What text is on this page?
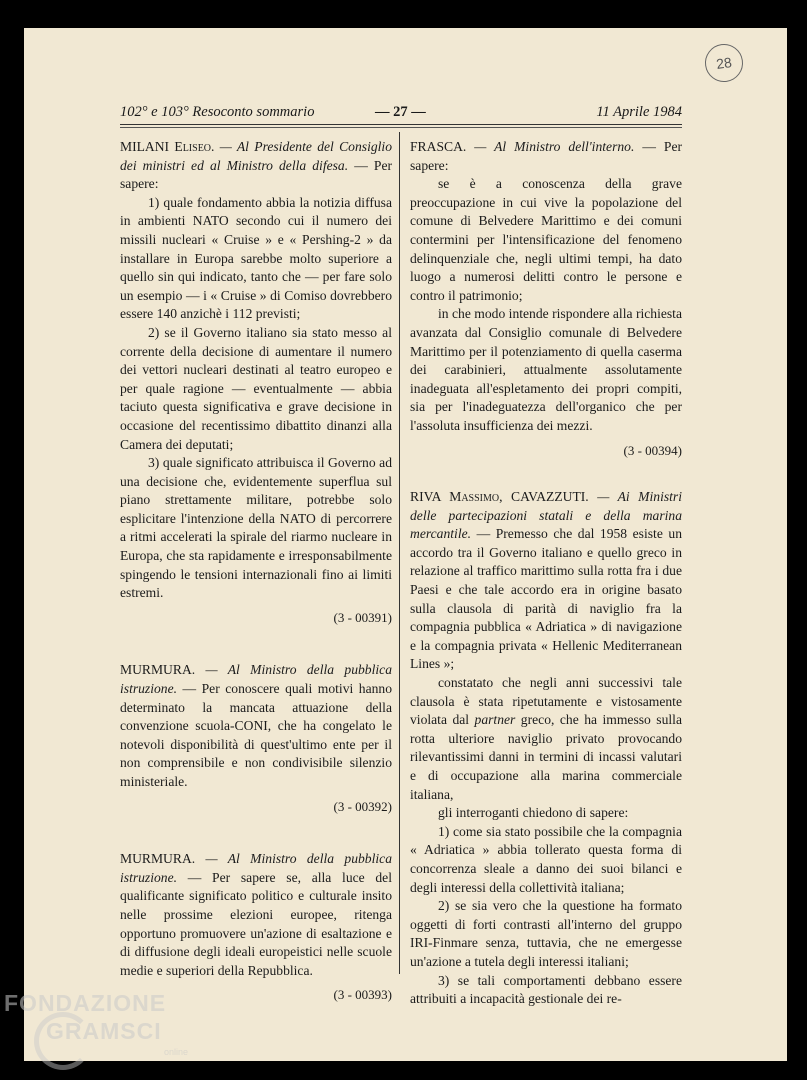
28
102° e 103° Resoconto sommario	— 27 —	11 Aprile 1984

MILANI Eliseo. — Al Presidente del Consiglio dei ministri ed al Ministro della difesa. — Per sapere:

1) quale fondamento abbia la notizia diffusa in ambienti NATO secondo cui il numero dei missili nucleari « Cruise » e « Pershing-2 » da installare in Europa sarebbe molto superiore a quello sin qui indicato, tanto che — per fare solo un esempio — i « Cruise » di Comiso dovrebbero essere 140 anzichè i 112 previsti;

2) se il Governo italiano sia stato messo al corrente della decisione di aumentare il numero dei vettori nucleari destinati al teatro europeo e per quale ragione — eventualmente — abbia taciuto questa significativa e grave decisione in occasione del recentissimo dibattito dinanzi alla Camera dei deputati;

3) quale significato attribuisca il Governo ad una decisione che, evidentemente superflua sul piano strettamente militare, potrebbe solo esplicitare l'intenzione della NATO di percorrere a ritmi accelerati la spirale del riarmo nucleare in Europa, che sta rapidamente e irresponsabilmente spingendo le tensioni internazionali fino ai limiti estremi.

(3 - 00391)

MURMURA. — Al Ministro della pubblica istruzione. — Per conoscere quali motivi hanno determinato la mancata attuazione della convenzione scuola-CONI, che ha congelato le notevoli disponibilità di quest'ultimo ente per il non comprensibile e non condivisibile silenzio ministeriale.

(3 - 00392)

MURMURA. — Al Ministro della pubblica istruzione. — Per sapere se, alla luce del qualificante significato politico e culturale insito nelle prossime elezioni europee, ritenga opportuno promuovere un'azione di esaltazione e di diffusione degli ideali europeistici nelle scuole medie e superiori della Repubblica.

(3 - 00393)

FRASCA. — Al Ministro dell'interno. — Per sapere:

se è a conoscenza della grave preoccupazione in cui vive la popolazione del comune di Belvedere Marittimo e dei comuni contermini per l'intensificazione del fenomeno delinquenziale che, negli ultimi tempi, ha dato luogo a numerosi delitti contro le persone e contro il patrimonio;

in che modo intende rispondere alla richiesta avanzata dal Consiglio comunale di Belvedere Marittimo per il potenziamento di quella caserma dei carabinieri, attualmente assolutamente inadeguata all'espletamento dei propri compiti, sia per l'inadeguatezza dell'organico che per l'assoluta insufficienza dei mezzi.

(3 - 00394)

RIVA Massimo, CAVAZZUTI. — Ai Ministri delle partecipazioni statali e della marina mercantile. — Premesso che dal 1958 esiste un accordo tra il Governo italiano e quello greco in relazione al traffico marittimo sulla rotta fra i due Paesi e che tale accordo era in origine basato sulla clausola di parità di naviglio fra la compagnia pubblica « Adriatica » di navigazione e la compagnia privata « Hellenic Mediterranean Lines »;

constatato che negli anni successivi tale clausola è stata ripetutamente e vistosamente violata dal partner greco, che ha immesso sulla rotta ulteriore naviglio privato provocando rilevantissimi danni in termini di incassi valutari e di occupazione alla marina commerciale italiana,

gli interroganti chiedono di sapere:

1) come sia stato possibile che la compagnia « Adriatica » abbia tollerato questa forma di concorrenza sleale a danno dei suoi bilanci e degli interessi della collettività italiana;

2) se sia vero che la questione ha formato oggetti di forti contrasti all'interno del gruppo IRI-Finmare senza, tuttavia, che ne emergesse un'azione a tutela degli interessi italiani;

3) se tali comportamenti debbano essere attribuiti a incapacità gestionale dei re-

FONDAZIONE
GRAMSCI
online
